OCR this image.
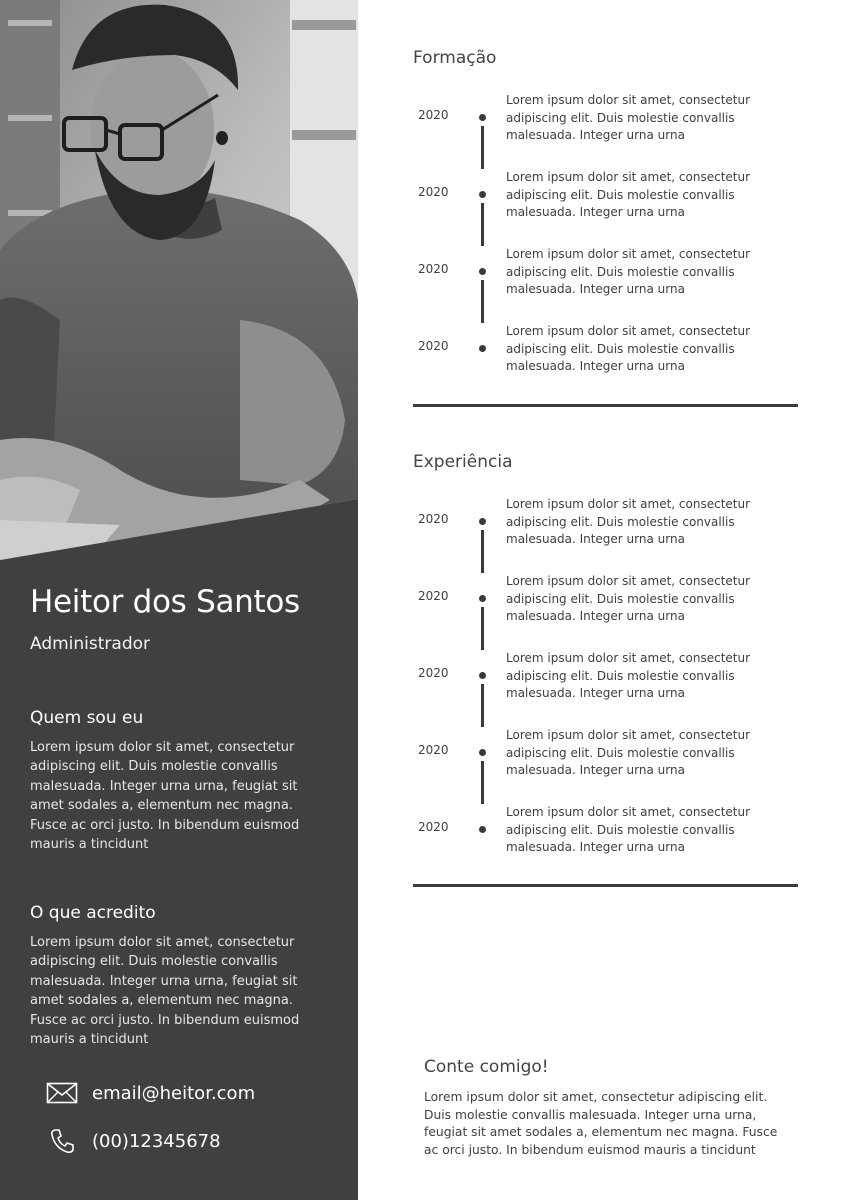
Heitor dos Santos

Administrador

Quem sou eu

Lorem ipsum dolor sit amet, consectetur adipiscing elit. Duis molestie convallis malesuada. Integer urna urna, feugiat sit amet sodales a, elementum nec magna. Fusce ac orci justo. In bibendum euismod mauris a tincidunt

O que acredito

Lorem ipsum dolor sit amet, consectetur adipiscing elit. Duis molestie convallis malesuada. Integer urna urna, feugiat sit amet sodales a, elementum nec magna. Fusce ac orci justo. In bibendum euismod mauris a tincidunt

email@heitor.com
(00)12345678
Formação
2020
Lorem ipsum dolor sit amet, consectetur adipiscing elit. Duis molestie convallis malesuada. Integer urna urna
2020
Lorem ipsum dolor sit amet, consectetur adipiscing elit. Duis molestie convallis malesuada. Integer urna urna
2020
Lorem ipsum dolor sit amet, consectetur adipiscing elit. Duis molestie convallis malesuada. Integer urna urna
2020
Lorem ipsum dolor sit amet, consectetur adipiscing elit. Duis molestie convallis malesuada. Integer urna urna
Experiência
2020
Lorem ipsum dolor sit amet, consectetur adipiscing elit. Duis molestie convallis malesuada. Integer urna urna
2020
Lorem ipsum dolor sit amet, consectetur adipiscing elit. Duis molestie convallis malesuada. Integer urna urna
2020
Lorem ipsum dolor sit amet, consectetur adipiscing elit. Duis molestie convallis malesuada. Integer urna urna
2020
Lorem ipsum dolor sit amet, consectetur adipiscing elit. Duis molestie convallis malesuada. Integer urna urna
2020
Lorem ipsum dolor sit amet, consectetur adipiscing elit. Duis molestie convallis malesuada. Integer urna urna
Conte comigo!

Lorem ipsum dolor sit amet, consectetur adipiscing elit. Duis molestie convallis malesuada. Integer urna urna, feugiat sit amet sodales a, elementum nec magna. Fusce ac orci justo. In bibendum euismod mauris a tincidunt
